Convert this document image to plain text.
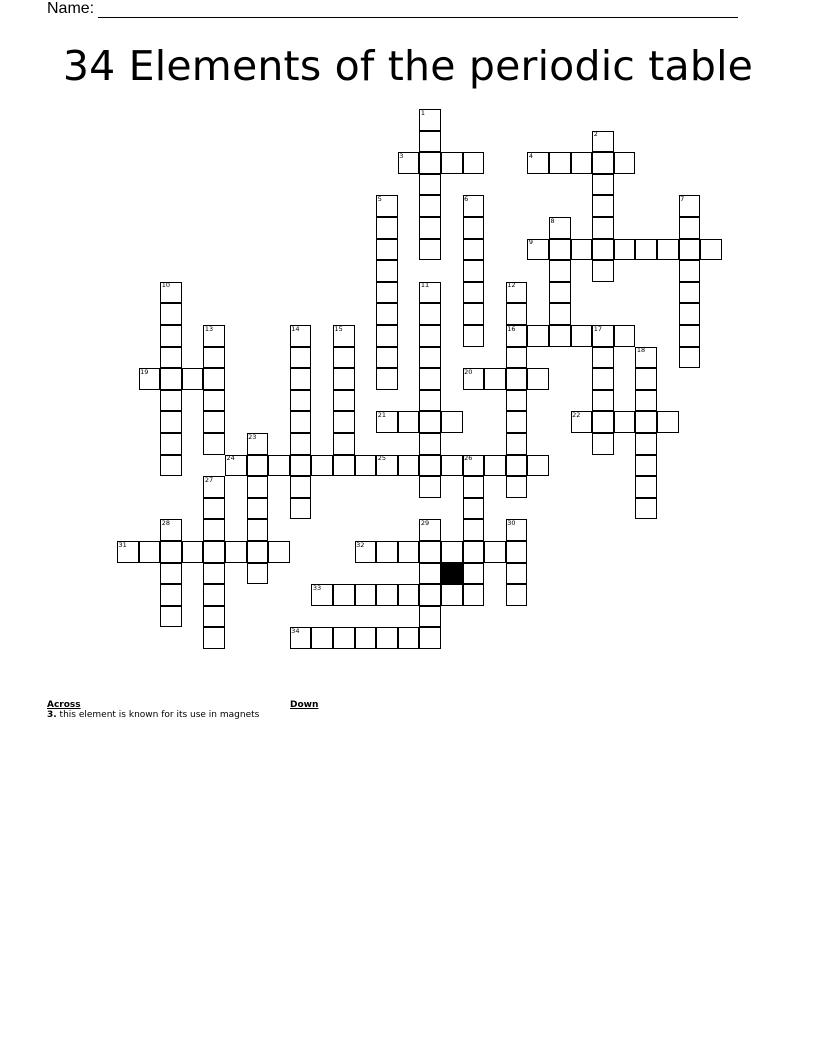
Name:
34 Elements of the periodic table
1
2
3	4
5	6	7
8
9
10	11	12
13	14	15	16	17
18
19	20
21	22
23
24	25	26
27
28	29	30
31	32
33
34
Across
3. this element is known for its use in magnets
Down
